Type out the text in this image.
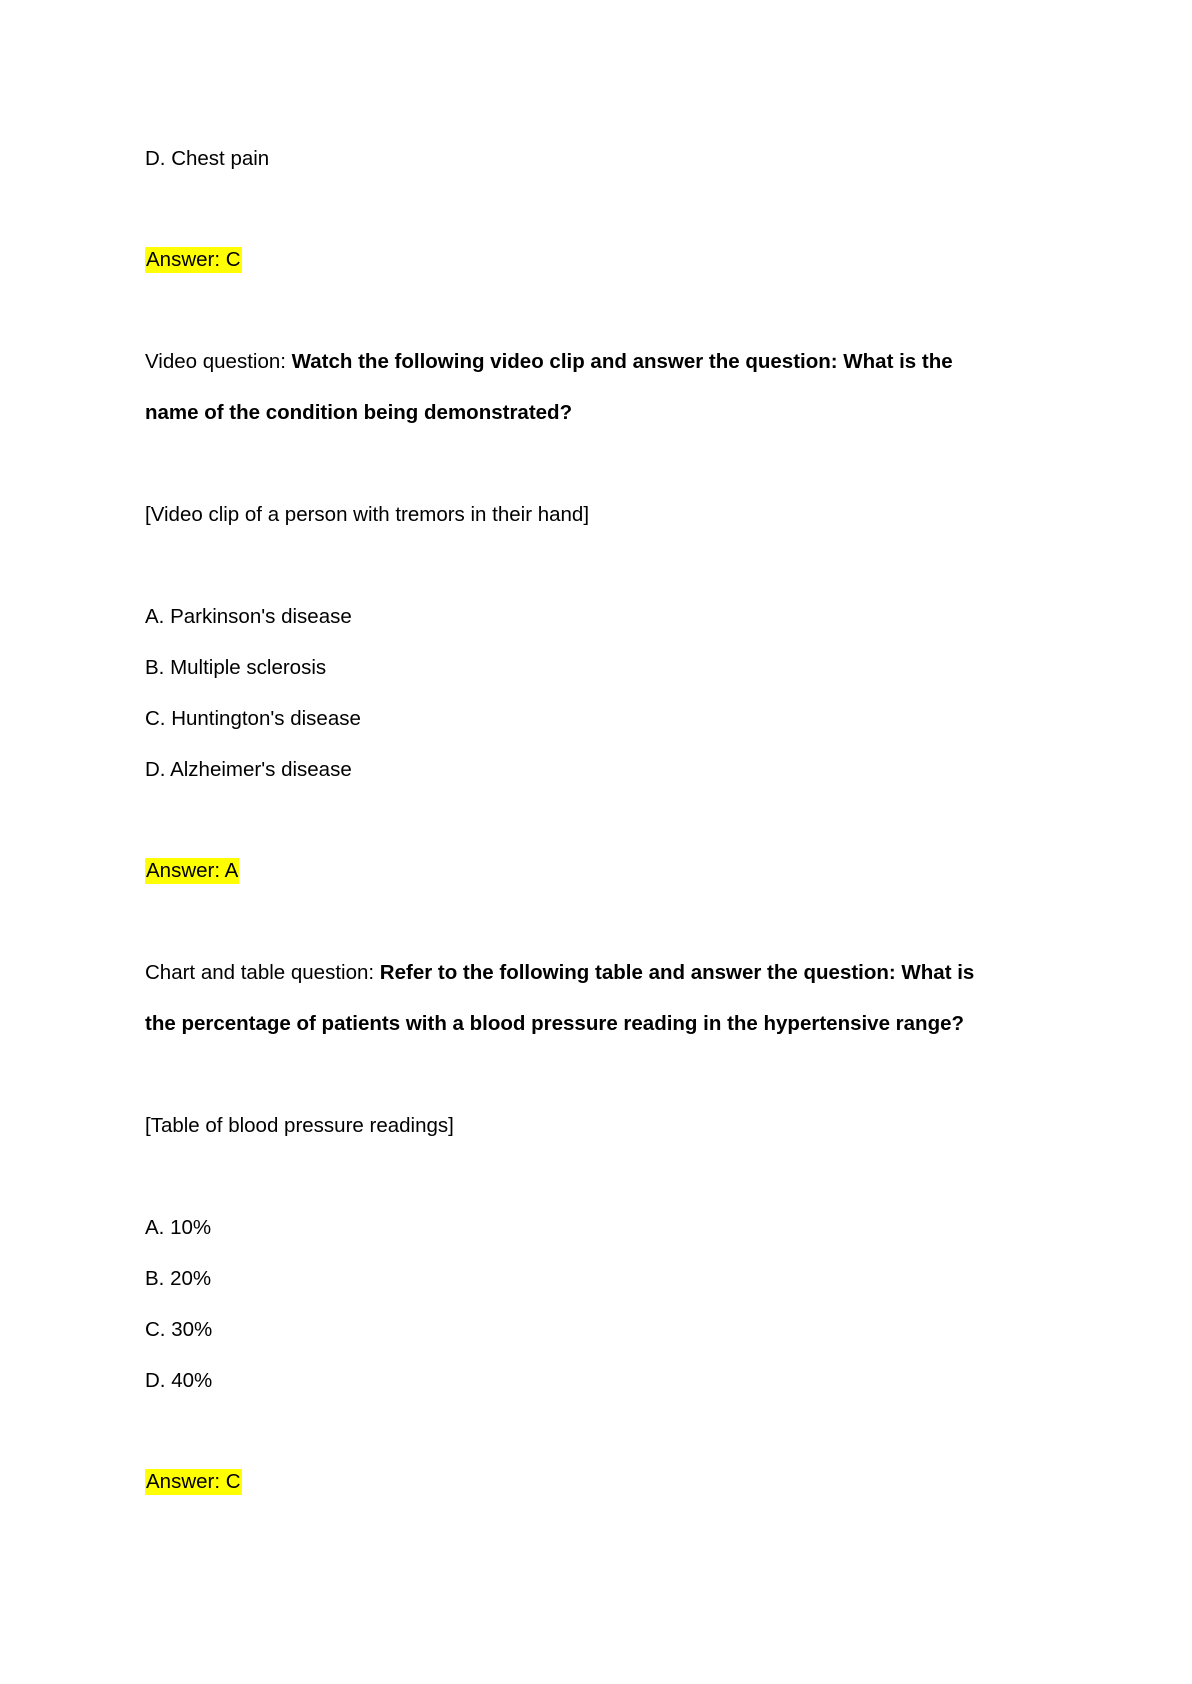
D. Chest pain
Answer: C
Video question: Watch the following video clip and answer the question: What is the
name of the condition being demonstrated?
[Video clip of a person with tremors in their hand]
A. Parkinson's disease
B. Multiple sclerosis
C. Huntington's disease
D. Alzheimer's disease
Answer: A
Chart and table question: Refer to the following table and answer the question: What is
the percentage of patients with a blood pressure reading in the hypertensive range?
[Table of blood pressure readings]
A. 10%
B. 20%
C. 30%
D. 40%
Answer: C
